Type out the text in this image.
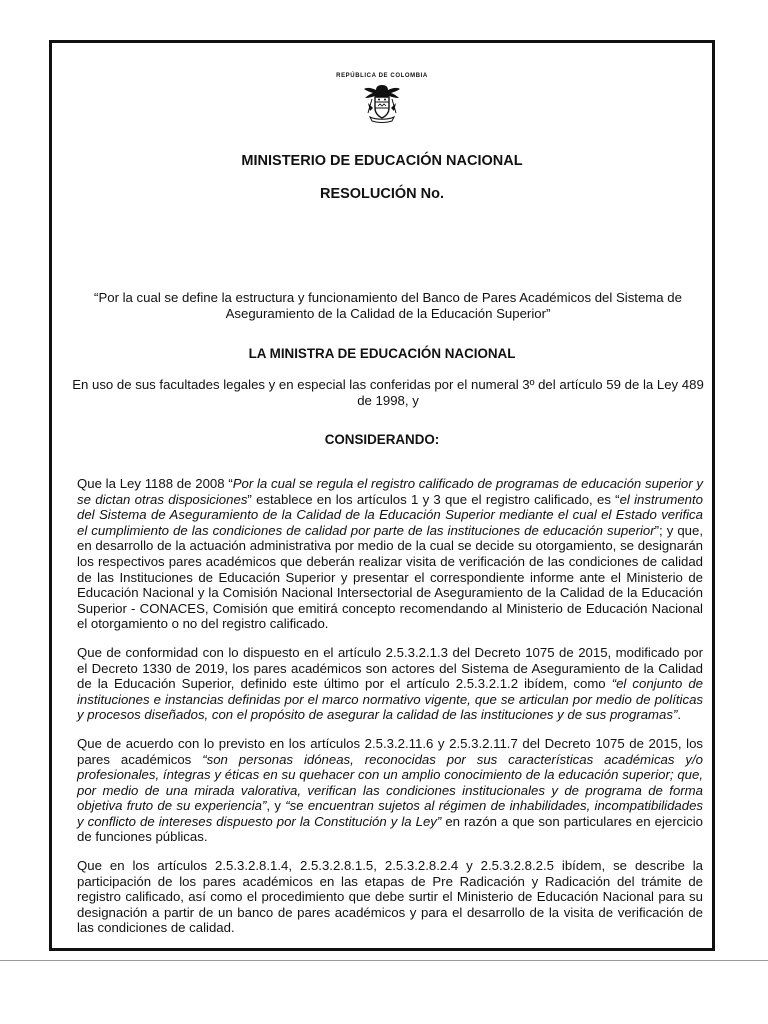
REPÚBLICA DE COLOMBIA
MINISTERIO DE EDUCACIÓN NACIONAL
RESOLUCIÓN No.
“Por la cual se define la estructura y funcionamiento del Banco de Pares Académicos del Sistema de Aseguramiento de la Calidad de la Educación Superior”
LA MINISTRA DE EDUCACIÓN NACIONAL
En uso de sus facultades legales y en especial las conferidas por el numeral 3º del artículo 59 de la Ley 489 de 1998, y
CONSIDERANDO:

Que la Ley 1188 de 2008 “Por la cual se regula el registro calificado de programas de educación superior y se dictan otras disposiciones” establece en los artículos 1 y 3 que el registro calificado, es “el instrumento del Sistema de Aseguramiento de la Calidad de la Educación Superior mediante el cual el Estado verifica el cumplimiento de las condiciones de calidad por parte de las instituciones de educación superior”; y que, en desarrollo de la actuación administrativa por medio de la cual se decide su otorgamiento, se designarán los respectivos pares académicos que deberán realizar visita de verificación de las condiciones de calidad de las Instituciones de Educación Superior y presentar el correspondiente informe ante el Ministerio de Educación Nacional y la Comisión Nacional Intersectorial de Aseguramiento de la Calidad de la Educación Superior - CONACES, Comisión que emitirá concepto recomendando al Ministerio de Educación Nacional el otorgamiento o no del registro calificado.

Que de conformidad con lo dispuesto en el artículo 2.5.3.2.1.3 del Decreto 1075 de 2015, modificado por el Decreto 1330 de 2019, los pares académicos son actores del Sistema de Aseguramiento de la Calidad de la Educación Superior, definido este último por el artículo 2.5.3.2.1.2 ibídem, como “el conjunto de instituciones e instancias definidas por el marco normativo vigente, que se articulan por medio de políticas y procesos diseñados, con el propósito de asegurar la calidad de las instituciones y de sus programas”.

Que de acuerdo con lo previsto en los artículos 2.5.3.2.11.6 y 2.5.3.2.11.7 del Decreto 1075 de 2015, los pares académicos “son personas idóneas, reconocidas por sus características académicas y/o profesionales, íntegras y éticas en su quehacer con un amplio conocimiento de la educación superior; que, por medio de una mirada valorativa, verifican las condiciones institucionales y de programa de forma objetiva fruto de su experiencia”, y “se encuentran sujetos al régimen de inhabilidades, incompatibilidades y conflicto de intereses dispuesto por la Constitución y la Ley” en razón a que son particulares en ejercicio de funciones públicas.

Que en los artículos 2.5.3.2.8.1.4, 2.5.3.2.8.1.5, 2.5.3.2.8.2.4 y 2.5.3.2.8.2.5 ibídem, se describe la participación de los pares académicos en las etapas de Pre Radicación y Radicación del trámite de registro calificado, así como el procedimiento que debe surtir el Ministerio de Educación Nacional para su designación a partir de un banco de pares académicos y para el desarrollo de la visita de verificación de las condiciones de calidad.
